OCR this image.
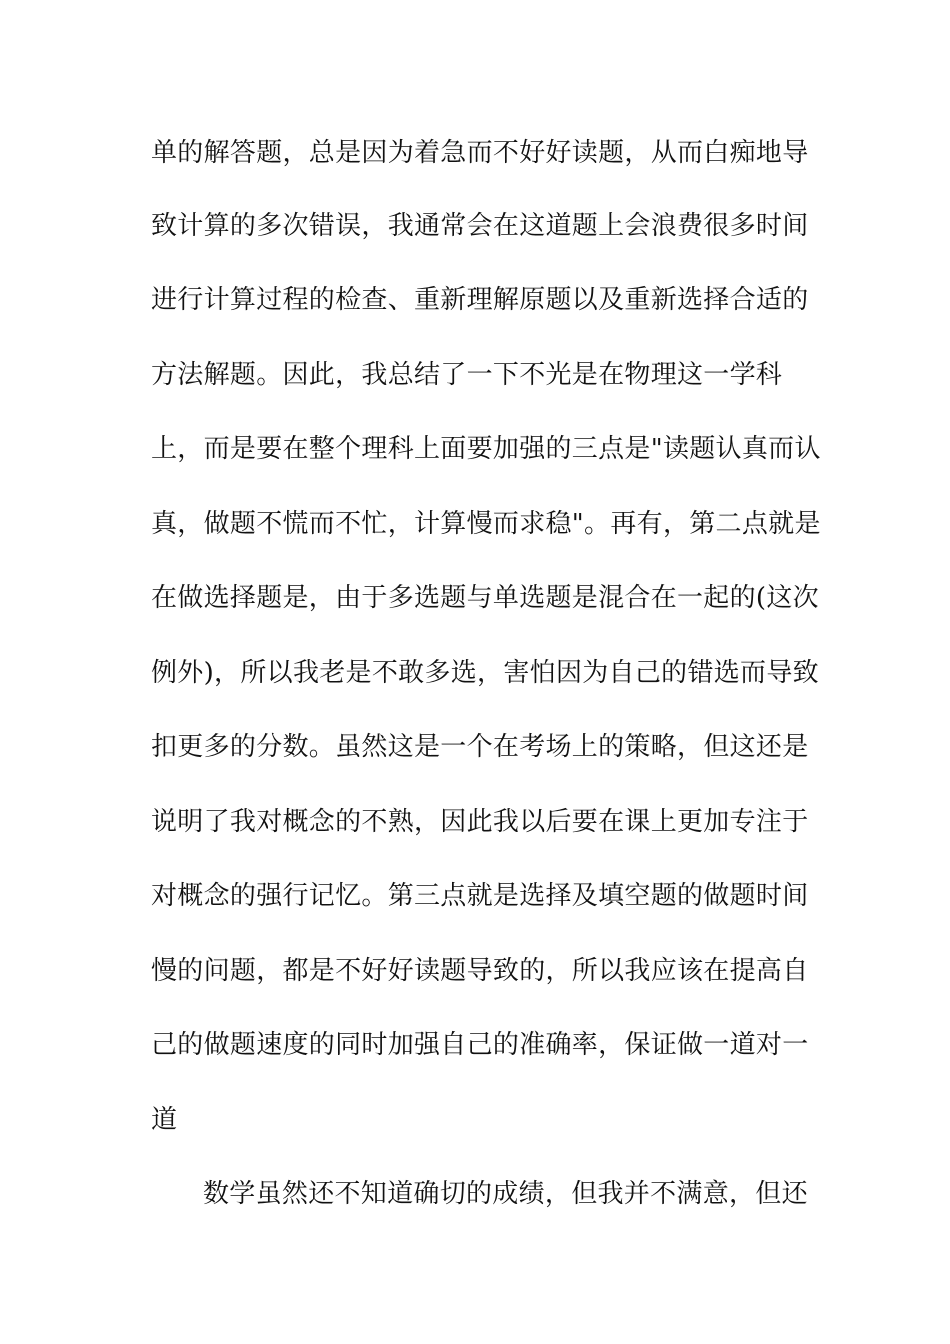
单的解答题，总是因为着急而不好好读题，从而白痴地导
致计算的多次错误，我通常会在这道题上会浪费很多时间
进行计算过程的检查、重新理解原题以及重新选择合适的
方法解题。因此，我总结了一下不光是在物理这一学科
上，而是要在整个理科上面要加强的三点是"读题认真而认
真，做题不慌而不忙，计算慢而求稳"。再有，第二点就是
在做选择题是，由于多选题与单选题是混合在一起的(这次
例外)，所以我老是不敢多选，害怕因为自己的错选而导致
扣更多的分数。虽然这是一个在考场上的策略，但这还是
说明了我对概念的不熟，因此我以后要在课上更加专注于
对概念的强行记忆。第三点就是选择及填空题的做题时间
慢的问题，都是不好好读题导致的，所以我应该在提高自
己的做题速度的同时加强自己的准确率，保证做一道对一
道
数学虽然还不知道确切的成绩，但我并不满意，但还
